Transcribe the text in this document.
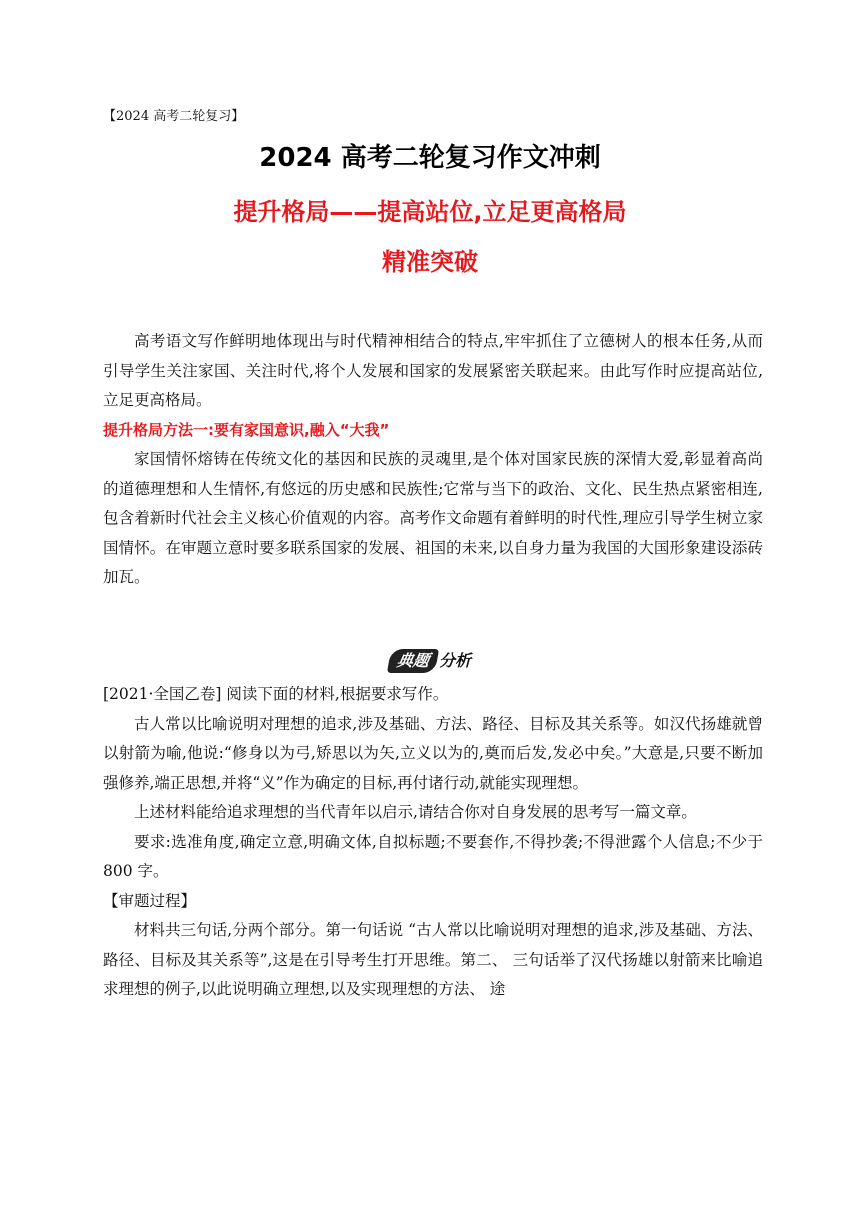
【2024 高考二轮复习】
2024 高考二轮复习作文冲刺
提升格局——提高站位,立足更高格局
精准突破

高考语文写作鲜明地体现出与时代精神相结合的特点,牢牢抓住了立德树人的根本任务,从而引导学生关注家国、关注时代,将个人发展和国家的发展紧密关联起来。由此写作时应提高站位,立足更高格局。

提升格局方法一:要有家国意识,融入“大我”

家国情怀熔铸在传统文化的基因和民族的灵魂里,是个体对国家民族的深情大爱,彰显着高尚的道德理想和人生情怀,有悠远的历史感和民族性;它常与当下的政治、文化、民生热点紧密相连,包含着新时代社会主义核心价值观的内容。高考作文命题有着鲜明的时代性,理应引导学生树立家国情怀。在审题立意时要多联系国家的发展、祖国的未来,以自身力量为我国的大国形象建设添砖加瓦。

典题 分析

[2021·全国乙卷] 阅读下面的材料,根据要求写作。

古人常以比喻说明对理想的追求,涉及基础、方法、路径、目标及其关系等。如汉代扬雄就曾以射箭为喻,他说:“修身以为弓,矫思以为矢,立义以为的,奠而后发,发必中矣。”大意是,只要不断加强修养,端正思想,并将“义”作为确定的目标,再付诸行动,就能实现理想。

上述材料能给追求理想的当代青年以启示,请结合你对自身发展的思考写一篇文章。

要求:选准角度,确定立意,明确文体,自拟标题;不要套作,不得抄袭;不得泄露个人信息;不少于 800 字。

【审题过程】

材料共三句话,分两个部分。第一句话说 “古人常以比喻说明对理想的追求,涉及基础、方法、路径、目标及其关系等”,这是在引导考生打开思维。第二、 三句话举了汉代扬雄以射箭来比喻追求理想的例子,以此说明确立理想,以及实现理想的方法、 途
